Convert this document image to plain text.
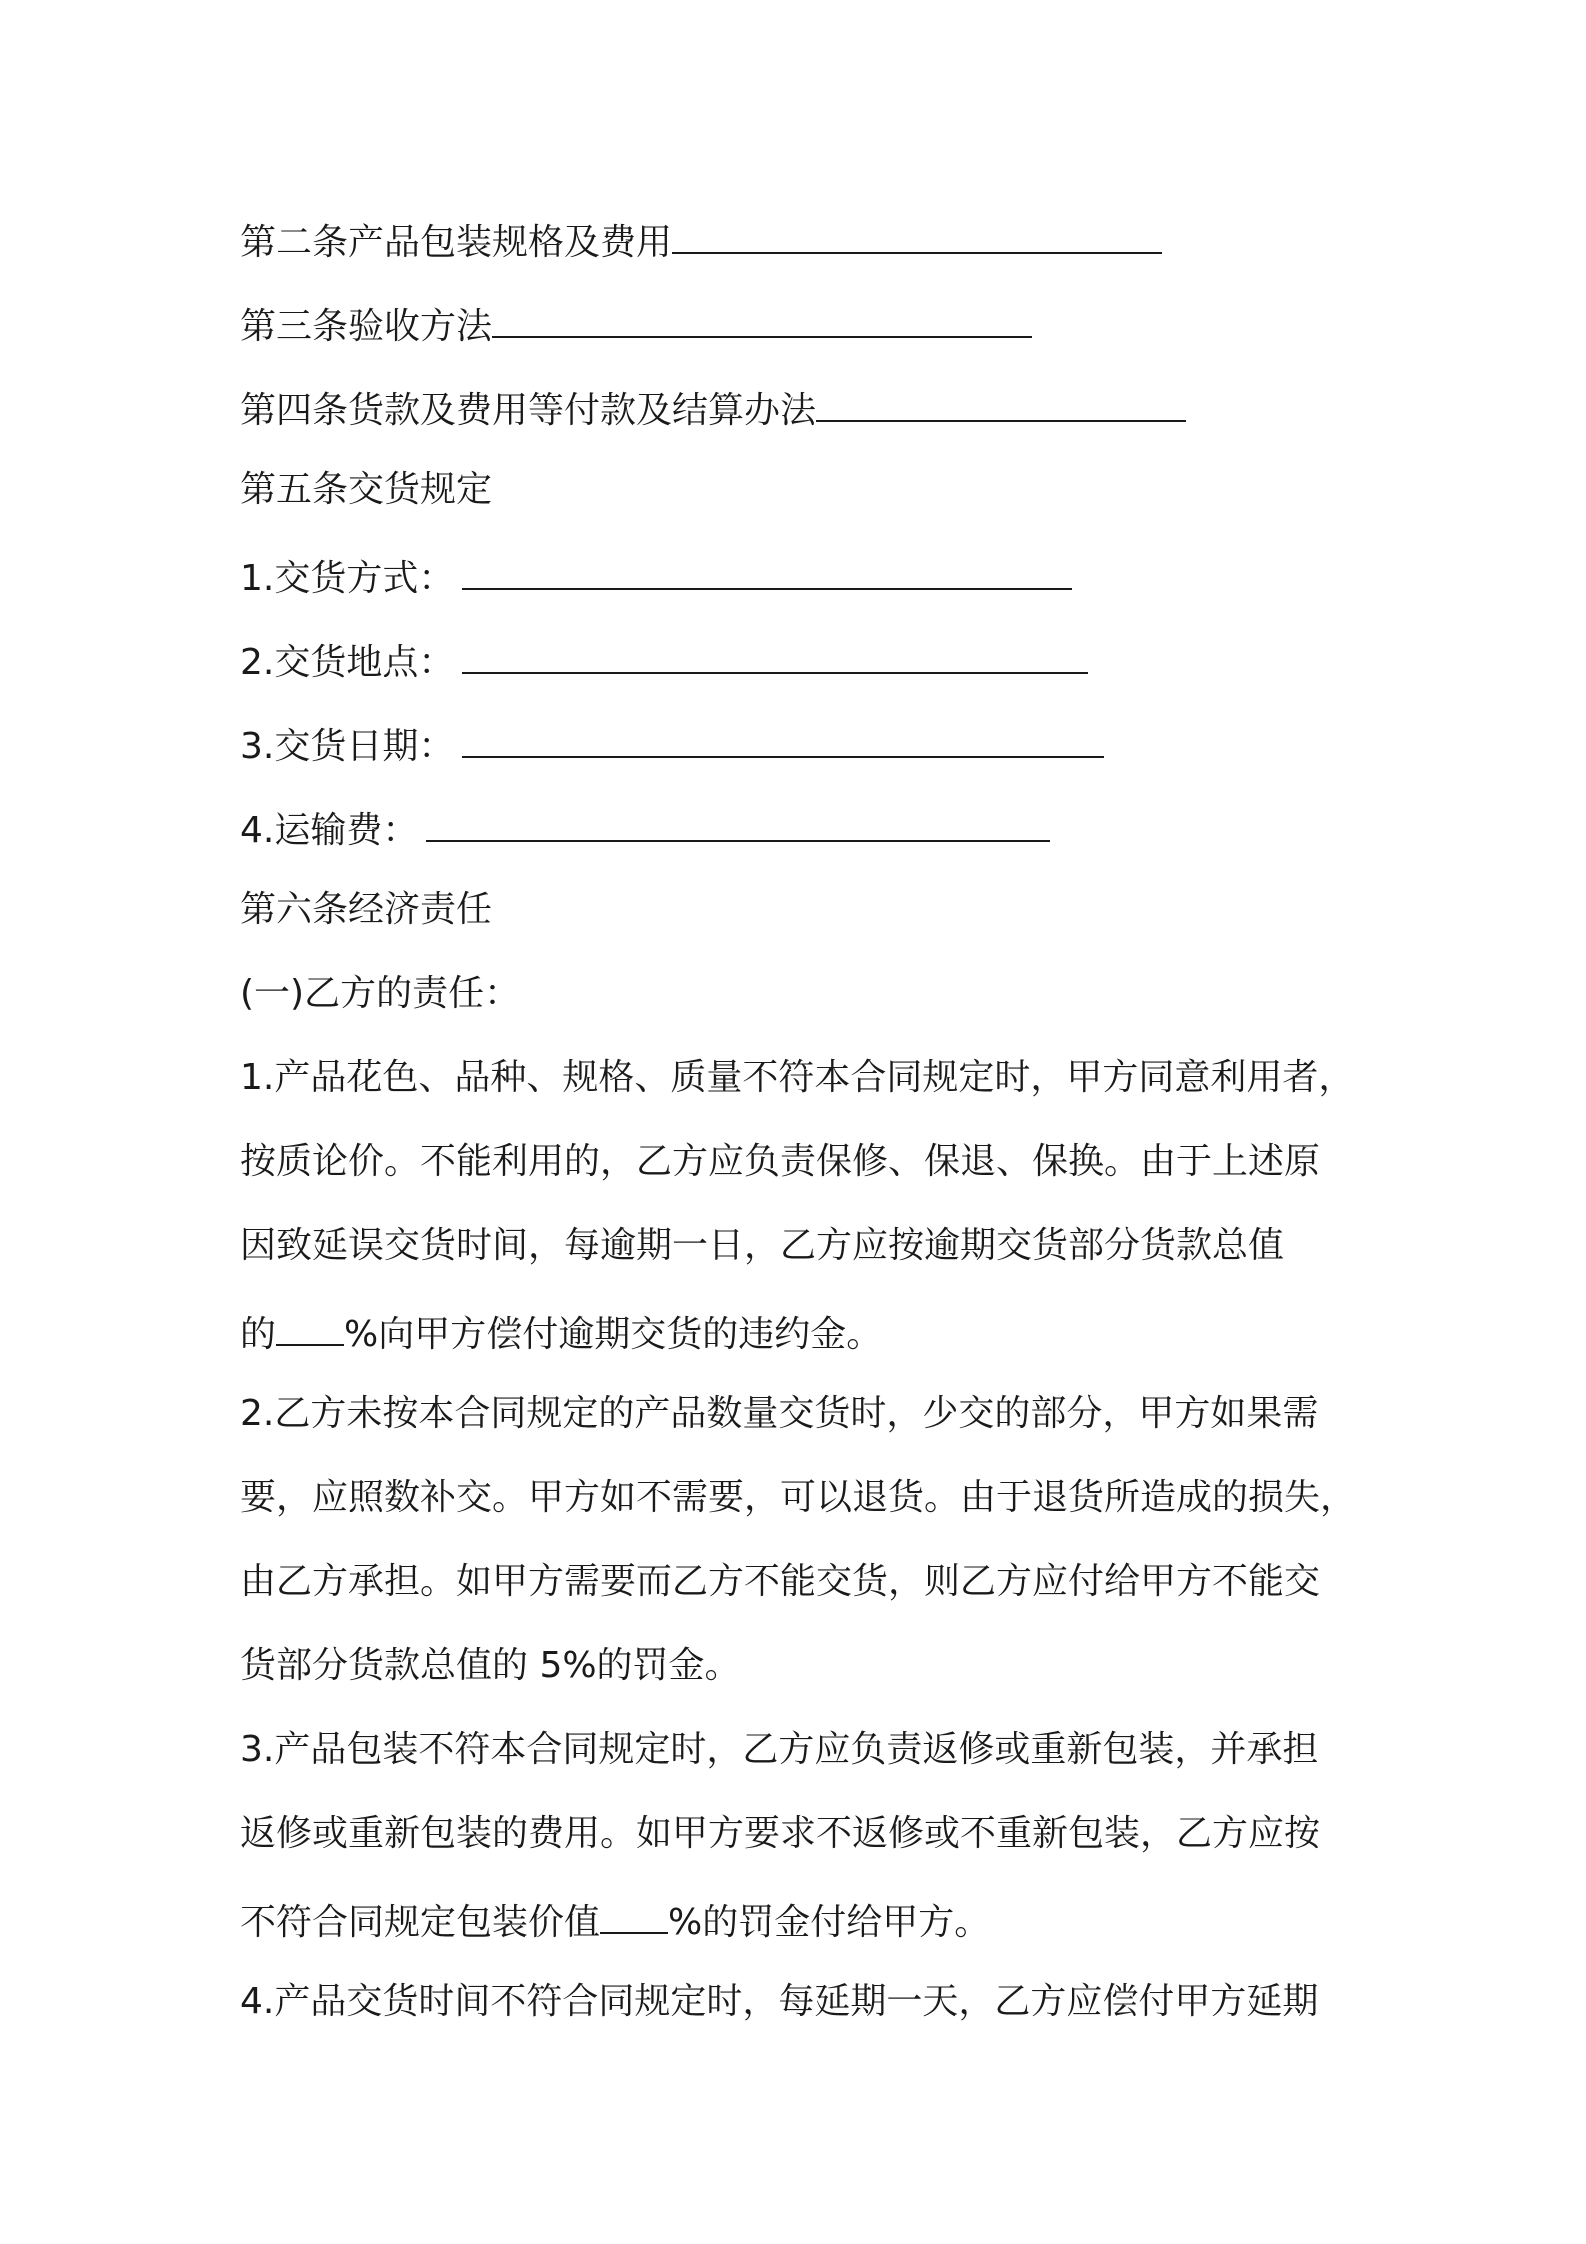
第二条产品包装规格及费用
第三条验收方法
第四条货款及费用等付款及结算办法
第五条交货规定
1.交货方式：
2.交货地点：
3.交货日期：
4.运输费：
第六条经济责任
(一)乙方的责任：
1.产品花色、品种、规格、质量不符本合同规定时，甲方同意利用者，
按质论价。不能利用的，乙方应负责保修、保退、保换。由于上述原
因致延误交货时间，每逾期一日，乙方应按逾期交货部分货款总值
的 %向甲方偿付逾期交货的违约金。
2.乙方未按本合同规定的产品数量交货时，少交的部分，甲方如果需
要，应照数补交。甲方如不需要，可以退货。由于退货所造成的损失，
由乙方承担。如甲方需要而乙方不能交货，则乙方应付给甲方不能交
货部分货款总值的 5%的罚金。
3.产品包装不符本合同规定时，乙方应负责返修或重新包装，并承担
返修或重新包装的费用。如甲方要求不返修或不重新包装，乙方应按
不符合同规定包装价值 %的罚金付给甲方。
4.产品交货时间不符合同规定时，每延期一天，乙方应偿付甲方延期
